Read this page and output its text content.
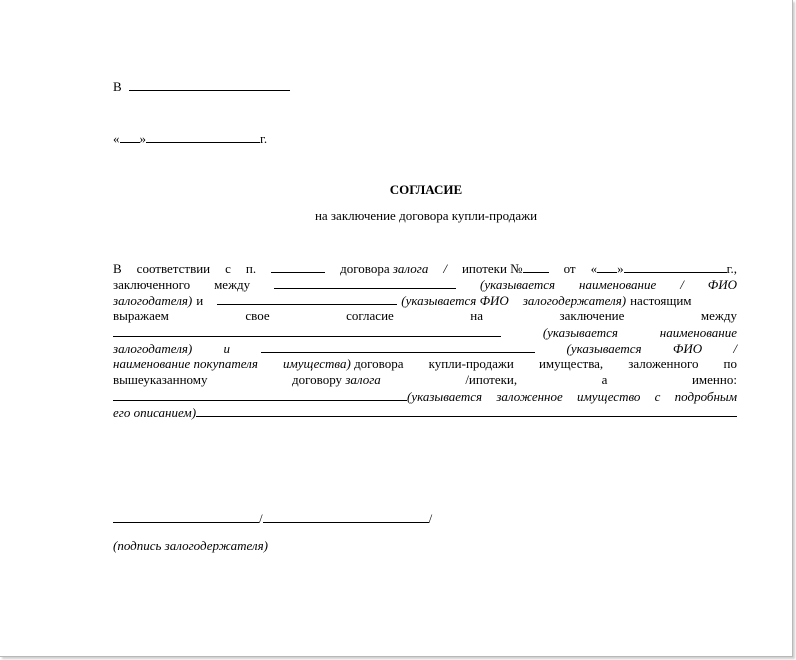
В
« »	г.
СОГЛАСИЕ
на заключение договора купли-продажи
В соответствии с п.	договора залога / ипотеки №	от « »	г.,
заключенного между	(указывается наименование / ФИО
залогодателя) и	(указывается ФИО залогодержателя) настоящим
выражаем	свое	согласие	на	заключение	между
(указывается	наименование
залогодателя) и	(указывается ФИО /
наименование покупателя имущества) договора купли-продажи имущества, заложенного по
вышеуказанному	договору залога	/ипотеки,	а	именно:
(указывается заложенное имущество с подробным
его описанием)
/	/
(подпись залогодержателя)
